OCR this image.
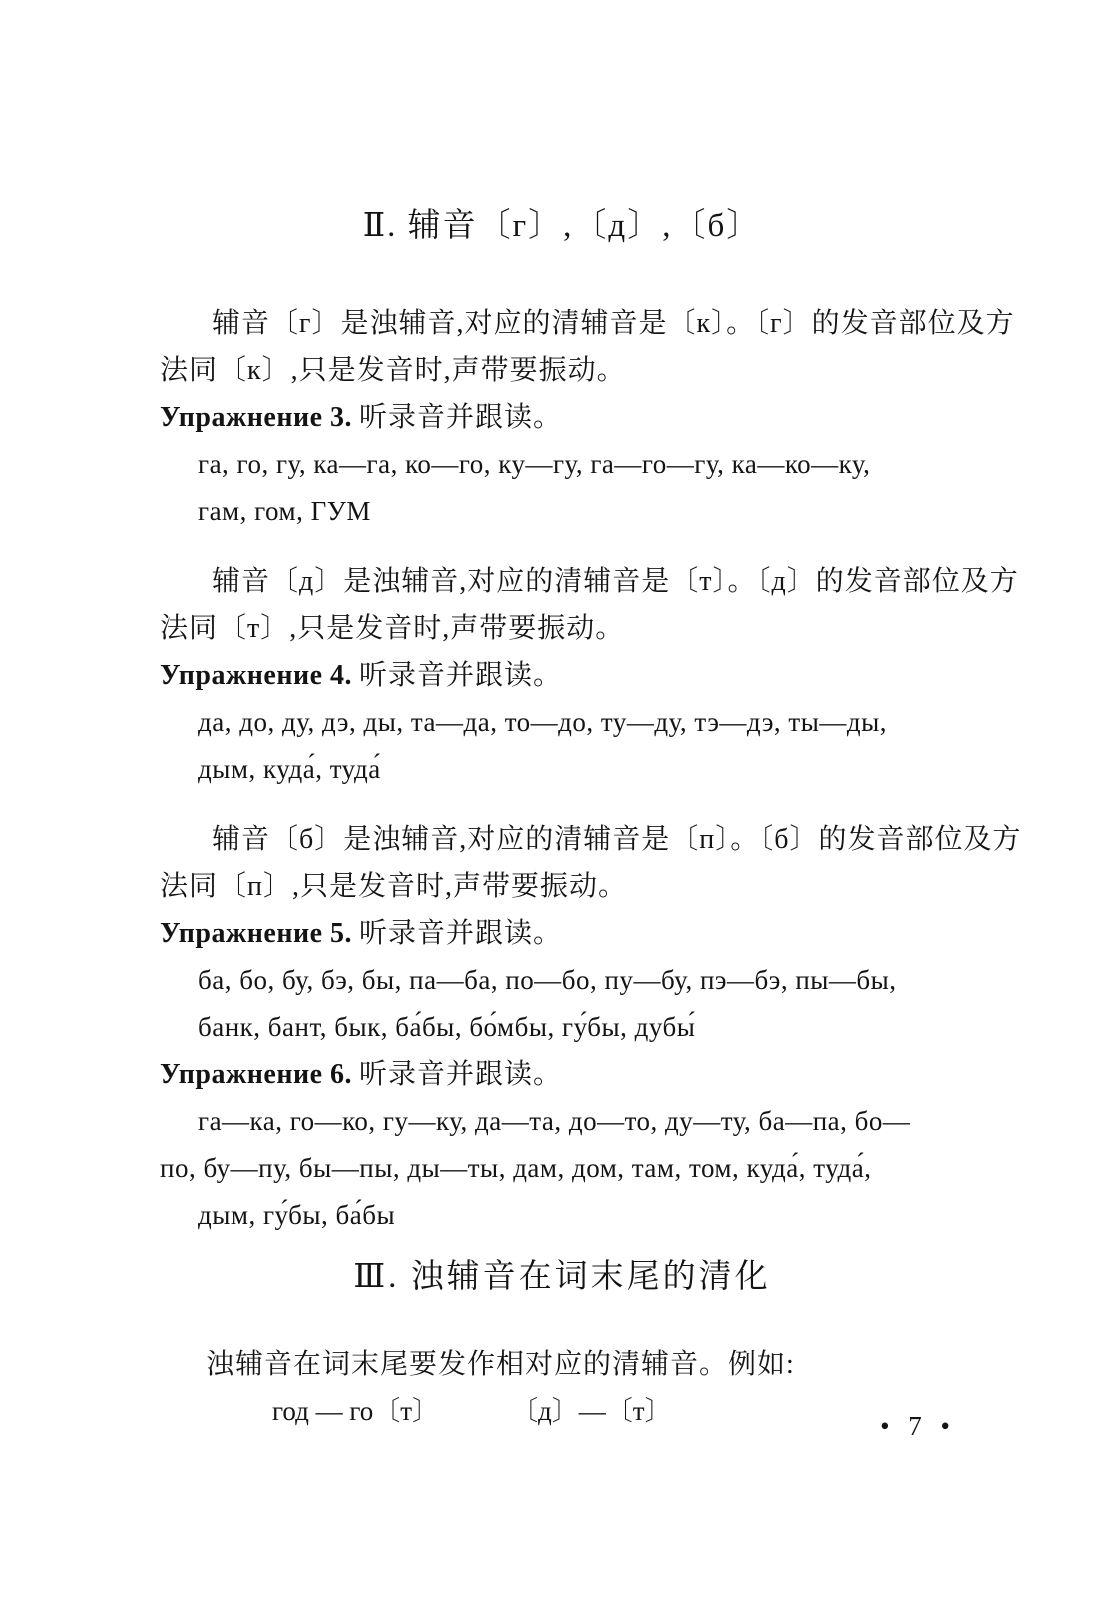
Ⅱ. 辅音〔г〕,〔д〕,〔б〕
辅音〔г〕是浊辅音,对应的清辅音是〔к〕。〔г〕的发音部位及方
法同〔к〕,只是发音时,声带要振动。
Упражнение 3. 听录音并跟读。
га, го, гу, ка—га, ко—го, ку—гу, га—го—гу, ка—ко—ку,
гам, гом, ГУМ
辅音〔д〕是浊辅音,对应的清辅音是〔т〕。〔д〕的发音部位及方
法同〔т〕,只是发音时,声带要振动。
Упражнение 4. 听录音并跟读。
да, до, ду, дэ, ды, та—да, то—до, ту—ду, тэ—дэ, ты—ды,
дым, куда́, туда́
辅音〔б〕是浊辅音,对应的清辅音是〔п〕。〔б〕的发音部位及方
法同〔п〕,只是发音时,声带要振动。
Упражнение 5. 听录音并跟读。
ба, бо, бу, бэ, бы, па—ба, по—бо, пу—бу, пэ—бэ, пы—бы,
банк, бант, бык, ба́бы, бо́мбы, гу́бы, дубы́
Упражнение 6. 听录音并跟读。
га—ка, го—ко, гу—ку, да—та, до—то, ду—ту, ба—па, бо—
по, бу—пу, бы—пы, ды—ты, дам, дом, там, том, куда́, туда́,
дым, гу́бы, ба́бы
Ⅲ. 浊辅音在词末尾的清化
浊辅音在词末尾要发作相对应的清辅音。例如:
год — го〔т〕	〔д〕—〔т〕	• 7 •
